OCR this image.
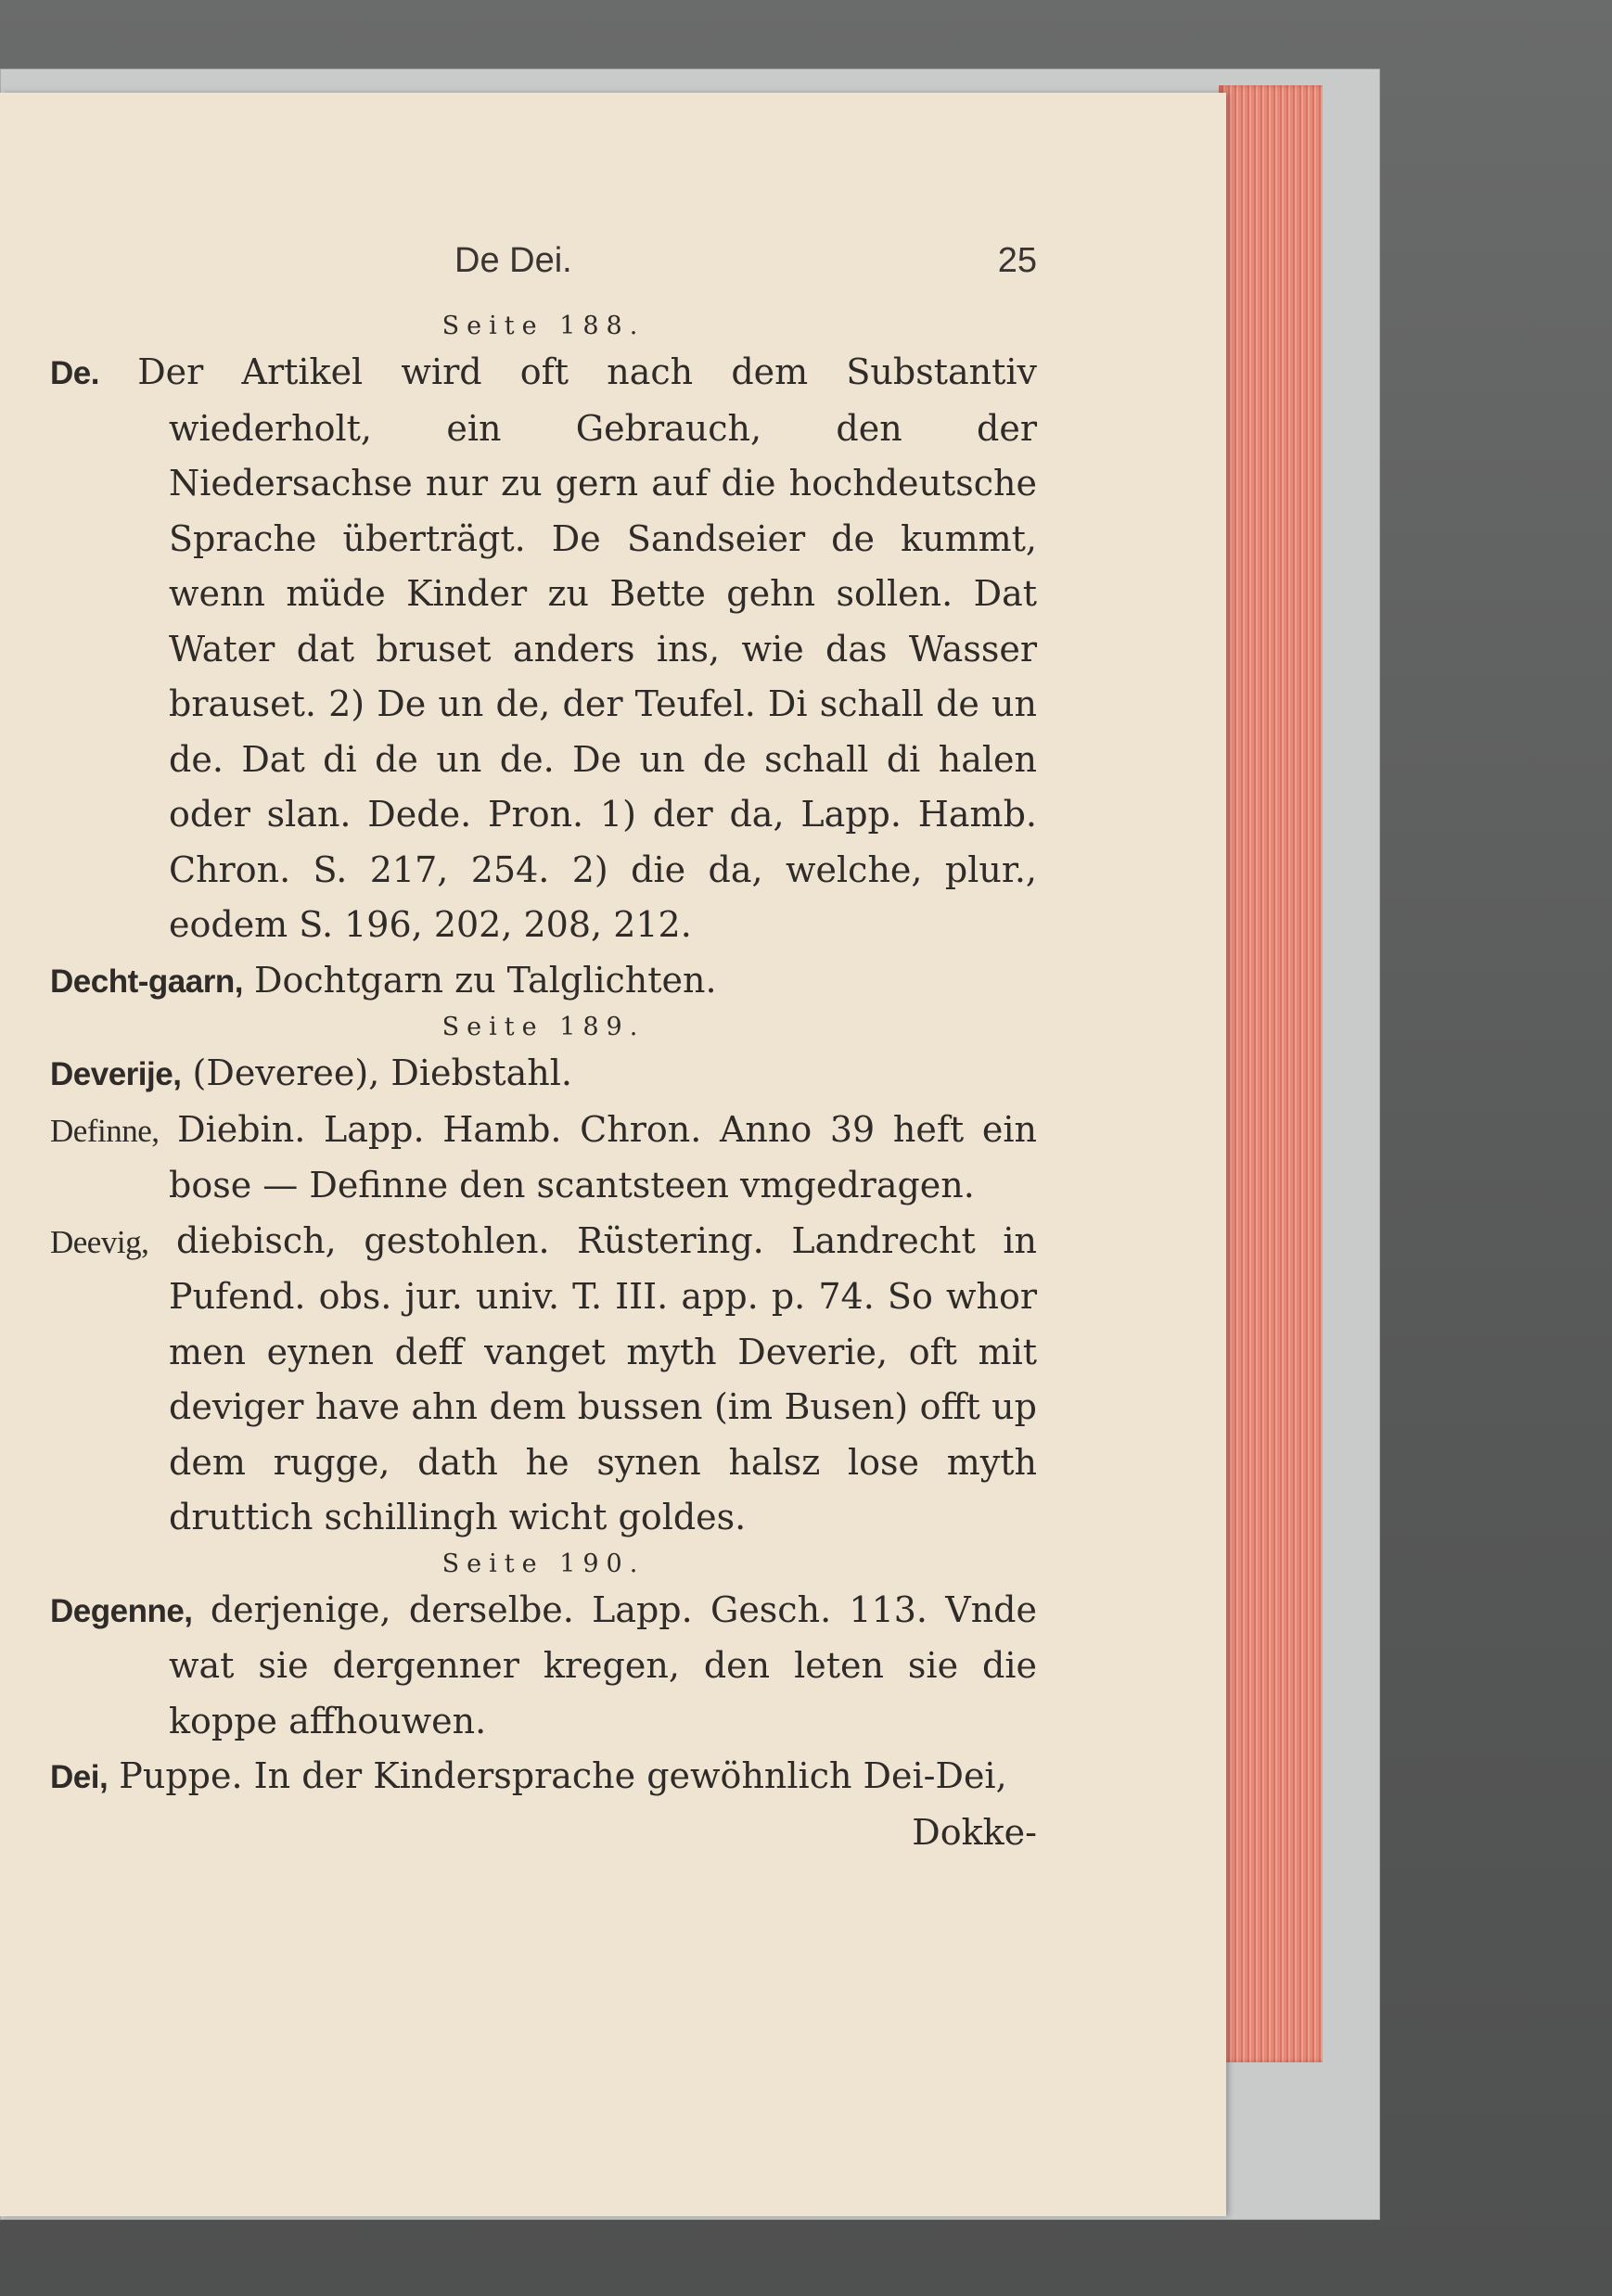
De Dei.	25

Seite 188.

De. Der Artikel wird oft nach dem Substantiv wiederholt, ein Gebrauch, den der Niedersachse nur zu gern auf die hochdeutsche Sprache überträgt. De Sandseier de kummt, wenn müde Kinder zu Bette gehn sollen. Dat Water dat bruset anders ins, wie das Wasser brauset. 2) De un de, der Teufel. Di schall de un de. Dat di de un de. De un de schall di halen oder slan. Dede. Pron. 1) der da, Lapp. Hamb. Chron. S. 217, 254. 2) die da, welche, plur., eodem S. 196, 202, 208, 212.

Decht-gaarn, Dochtgarn zu Talglichten.

Seite 189.

Deverije, (Deveree), Diebstahl.

Definne, Diebin. Lapp. Hamb. Chron. Anno 39 heft ein bose — Definne den scantsteen vmgedragen.

Deevig, diebisch, gestohlen. Rüstering. Landrecht in Pufend. obs. jur. univ. T. III. app. p. 74. So whor men eynen deff vanget myth Deverie, oft mit deviger have ahn dem bussen (im Busen) offt up dem rugge, dath he synen halsz lose myth druttich schillingh wicht goldes.

Seite 190.

Degenne, derjenige, derselbe. Lapp. Gesch. 113. Vnde wat sie dergenner kregen, den leten sie die koppe affhouwen.

Dei, Puppe. In der Kindersprache gewöhnlich Dei-Dei,

Dokke-
